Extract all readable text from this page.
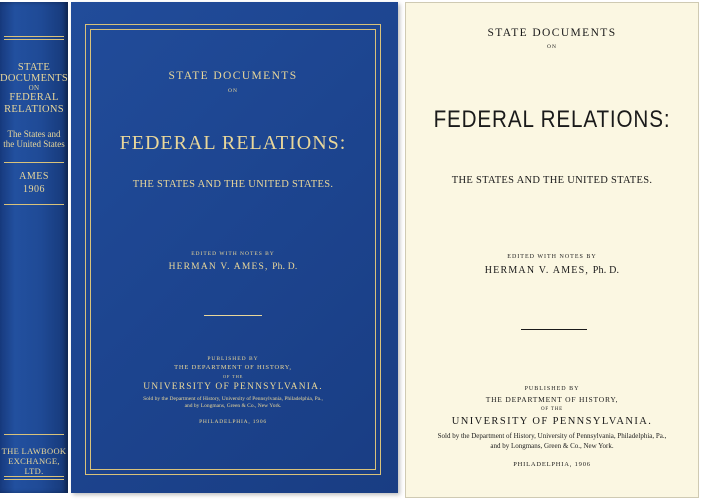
STATE
DOCUMENTS
ON
FEDERAL
RELATIONS
The States and
the United States
AMES
1906
THE LAWBOOK
EXCHANGE, LTD.
STATE DOCUMENTS
ON
FEDERAL RELATIONS:
THE STATES AND THE UNITED STATES.
EDITED WITH NOTES BY
HERMAN V. AMES, Ph. D.
PUBLISHED BY
THE DEPARTMENT OF HISTORY,
OF THE
UNIVERSITY OF PENNSYLVANIA.
Sold by the Department of History, University of Pennsylvania, Philadelphia, Pa.,
and by Longmans, Green & Co., New York.
PHILADELPHIA, 1906
STATE DOCUMENTS
ON
FEDERAL RELATIONS:
THE STATES AND THE UNITED STATES.
EDITED WITH NOTES BY
HERMAN V. AMES, Ph. D.
PUBLISHED BY
THE DEPARTMENT OF HISTORY,
OF THE
UNIVERSITY OF PENNSYLVANIA.
Sold by the Department of History, University of Pennsylvania, Philadelphia, Pa.,
and by Longmans, Green & Co., New York.
PHILADELPHIA, 1906
